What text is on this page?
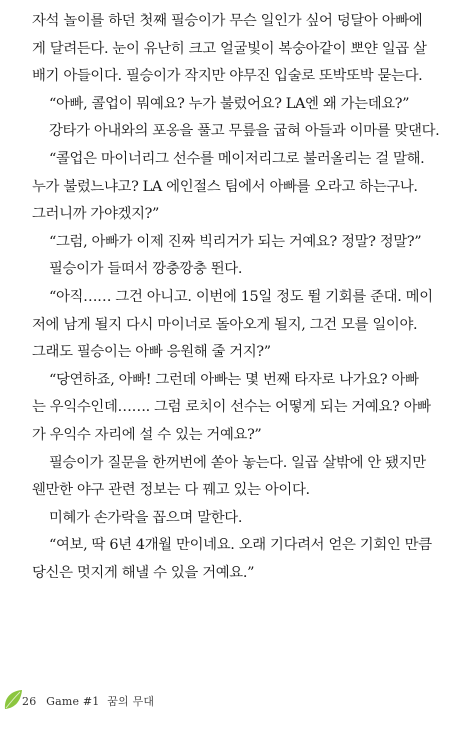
자석 놀이를 하던 첫째 필승이가 무슨 일인가 싶어 덩달아 아빠에
게 달려든다. 눈이 유난히 크고 얼굴빛이 복숭아같이 뽀얀 일곱 살
배기 아들이다. 필승이가 작지만 야무진 입술로 또박또박 묻는다.
“아빠, 콜업이 뭐예요? 누가 불렀어요? LA엔 왜 가는데요?”
강타가 아내와의 포옹을 풀고 무릎을 굽혀 아들과 이마를 맞댄다.
“콜업은 마이너리그 선수를 메이저리그로 불러올리는 걸 말해.
누가 불렀느냐고? LA 에인절스 팀에서 아빠를 오라고 하는구나.
그러니까 가야겠지?”
“그럼, 아빠가 이제 진짜 빅리거가 되는 거예요? 정말? 정말?”
필승이가 들떠서 깡충깡충 뛴다.
“아직…… 그건 아니고. 이번에 15일 정도 뛸 기회를 준대. 메이
저에 남게 될지 다시 마이너로 돌아오게 될지, 그건 모를 일이야.
그래도 필승이는 아빠 응원해 줄 거지?”
“당연하죠, 아빠! 그런데 아빠는 몇 번째 타자로 나가요? 아빠
는 우익수인데……. 그럼 로치이 선수는 어떻게 되는 거예요? 아빠
가 우익수 자리에 설 수 있는 거예요?”
필승이가 질문을 한꺼번에 쏟아 놓는다. 일곱 살밖에 안 됐지만
웬만한 야구 관련 정보는 다 꿰고 있는 아이다.
미혜가 손가락을 꼽으며 말한다.
“여보, 딱 6년 4개월 만이네요. 오래 기다려서 얻은 기회인 만큼
당신은 멋지게 해낼 수 있을 거예요.”
26 Game #1 꿈의 무대
